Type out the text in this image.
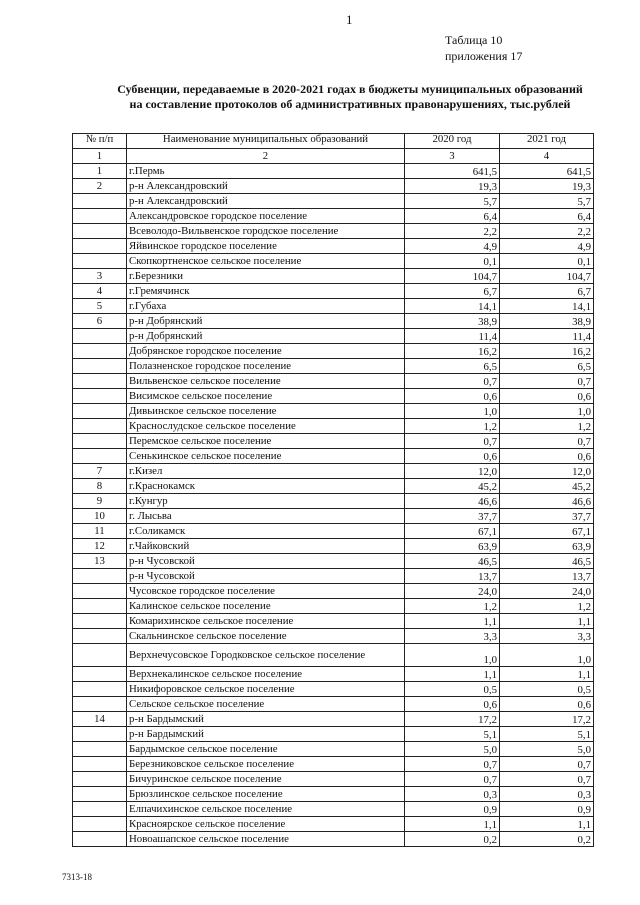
1
Таблица 10
приложения 17
Субвенции, передаваемые в 2020-2021 годах в бюджеты муниципальных образований
на составление протоколов об административных правонарушениях, тыс.рублей
№ п/п	Наименование муниципальных образований	2020 год	2021 год
1	2	3	4
1	г.Пермь	641,5	641,5
2	р-н Александровский	19,3	19,3
	р-н Александровский	5,7	5,7
	Александровское городское поселение	6,4	6,4
	Всеволодо-Вильвенское городское поселение	2,2	2,2
	Яйвинское городское поселение	4,9	4,9
	Скопкортненское сельское поселение	0,1	0,1
3	г.Березники	104,7	104,7
4	г.Гремячинск	6,7	6,7
5	г.Губаха	14,1	14,1
6	р-н Добрянский	38,9	38,9
	р-н Добрянский	11,4	11,4
	Добрянское городское поселение	16,2	16,2
	Полазненское городское поселение	6,5	6,5
	Вильвенское сельское поселение	0,7	0,7
	Висимское сельское поселение	0,6	0,6
	Дивьинское сельское поселение	1,0	1,0
	Краснослудское сельское поселение	1,2	1,2
	Перемское сельское поселение	0,7	0,7
	Сенькинское сельское поселение	0,6	0,6
7	г.Кизел	12,0	12,0
8	г.Краснокамск	45,2	45,2
9	г.Кунгур	46,6	46,6
10	г. Лысьва	37,7	37,7
11	г.Соликамск	67,1	67,1
12	г.Чайковский	63,9	63,9
13	р-н Чусовской	46,5	46,5
	р-н Чусовской	13,7	13,7
	Чусовское городское поселение	24,0	24,0
	Калинское сельское поселение	1,2	1,2
	Комарихинское сельское поселение	1,1	1,1
	Скальнинское сельское поселение	3,3	3,3
	Верхнечусовское Городковское сельское поселение	1,0	1,0
	Верхнекалинское сельское поселение	1,1	1,1
	Никифоровское сельское поселение	0,5	0,5
	Сельское сельское поселение	0,6	0,6
14	р-н Бардымский	17,2	17,2
	р-н Бардымский	5,1	5,1
	Бардымское сельское поселение	5,0	5,0
	Березниковское сельское поселение	0,7	0,7
	Бичуринское сельское поселение	0,7	0,7
	Брюзлинское сельское поселение	0,3	0,3
	Елпачихинское сельское поселение	0,9	0,9
	Красноярское сельское поселение	1,1	1,1
	Новоашапское сельское поселение	0,2	0,2
7313-18
